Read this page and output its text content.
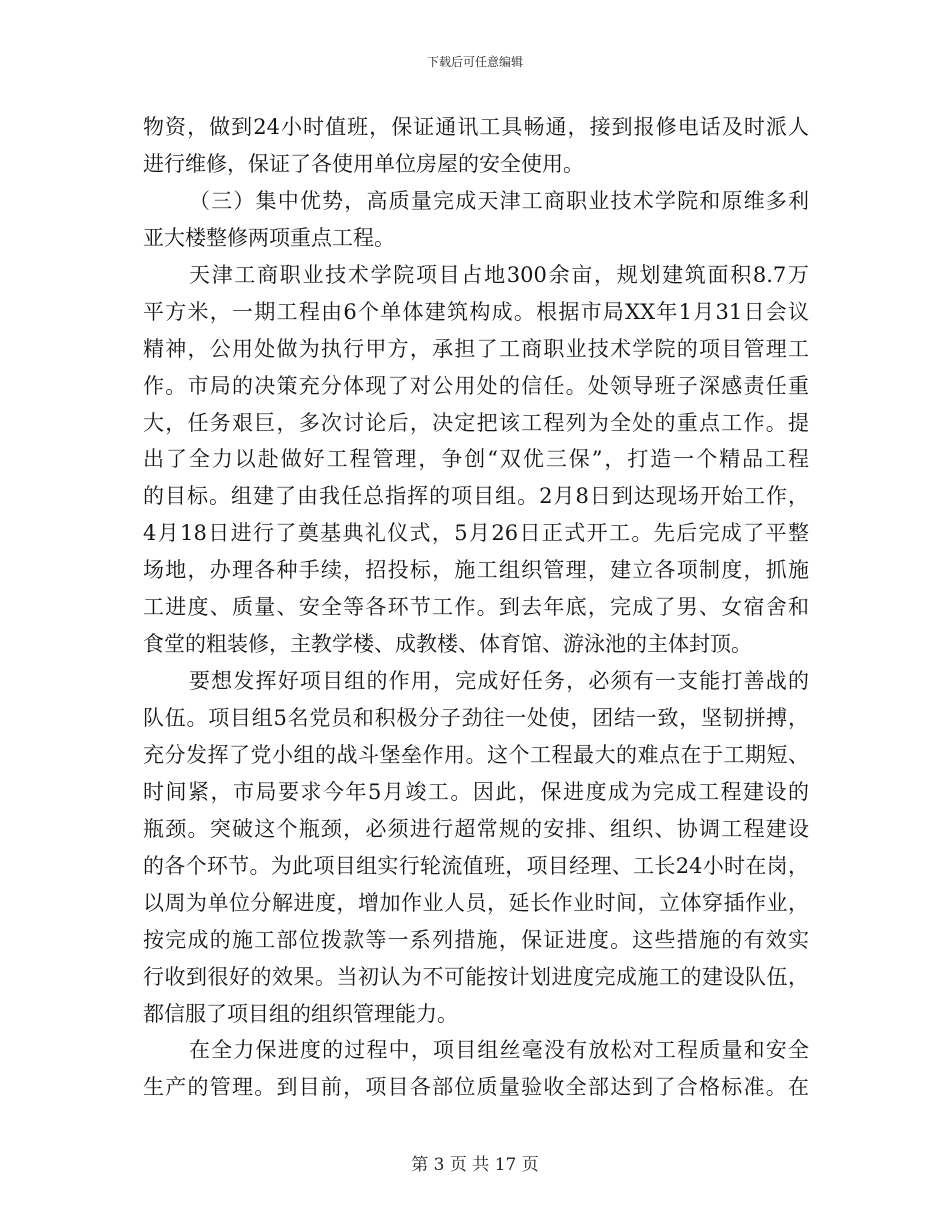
下载后可任意编辑
物资，做到24小时值班，保证通讯工具畅通，接到报修电话及时派人
进行维修，保证了各使用单位房屋的安全使用。
（三）集中优势，高质量完成天津工商职业技术学院和原维多利
亚大楼整修两项重点工程。
天津工商职业技术学院项目占地300余亩，规划建筑面积8.7万
平方米，一期工程由6个单体建筑构成。根据市局XX年1月31日会议
精神，公用处做为执行甲方，承担了工商职业技术学院的项目管理工
作。市局的决策充分体现了对公用处的信任。处领导班子深感责任重
大，任务艰巨，多次讨论后，决定把该工程列为全处的重点工作。提
出了全力以赴做好工程管理，争创“双优三保”，打造一个精品工程
的目标。组建了由我任总指挥的项目组。2月8日到达现场开始工作，
4月18日进行了奠基典礼仪式，5月26日正式开工。先后完成了平整
场地，办理各种手续，招投标，施工组织管理，建立各项制度，抓施
工进度、质量、安全等各环节工作。到去年底，完成了男、女宿舍和
食堂的粗装修，主教学楼、成教楼、体育馆、游泳池的主体封顶。
要想发挥好项目组的作用，完成好任务，必须有一支能打善战的
队伍。项目组5名党员和积极分子劲往一处使，团结一致，坚韧拼搏，
充分发挥了党小组的战斗堡垒作用。这个工程最大的难点在于工期短、
时间紧，市局要求今年5月竣工。因此，保进度成为完成工程建设的
瓶颈。突破这个瓶颈，必须进行超常规的安排、组织、协调工程建设
的各个环节。为此项目组实行轮流值班，项目经理、工长24小时在岗，
以周为单位分解进度，增加作业人员，延长作业时间，立体穿插作业，
按完成的施工部位拨款等一系列措施，保证进度。这些措施的有效实
行收到很好的效果。当初认为不可能按计划进度完成施工的建设队伍，
都信服了项目组的组织管理能力。
在全力保进度的过程中，项目组丝毫没有放松对工程质量和安全
生产的管理。到目前，项目各部位质量验收全部达到了合格标准。在
第 3 页 共 17 页
